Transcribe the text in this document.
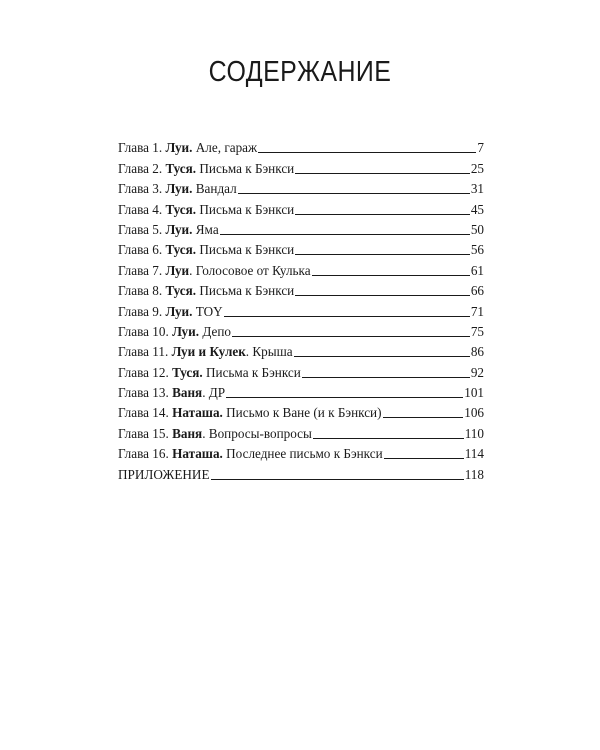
СОДЕРЖАНИЕ
Глава 1. Луи. Але, гараж	7
Глава 2. Туся. Письма к Бэнкси	25
Глава 3. Луи. Вандал	31
Глава 4. Туся. Письма к Бэнкси	45
Глава 5. Луи. Яма	50
Глава 6. Туся. Письма к Бэнкси	56
Глава 7. Луи. Голосовое от Кулька	61
Глава 8. Туся. Письма к Бэнкси	66
Глава 9. Луи. TOY	71
Глава 10. Луи. Депо	75
Глава 11. Луи и Кулек. Крыша	86
Глава 12. Туся. Письма к Бэнкси	92
Глава 13. Ваня. ДР	101
Глава 14. Наташа. Письмо к Ване (и к Бэнкси)	106
Глава 15. Ваня. Вопросы-вопросы	110
Глава 16. Наташа. Последнее письмо к Бэнкси	114
ПРИЛОЖЕНИЕ	118
